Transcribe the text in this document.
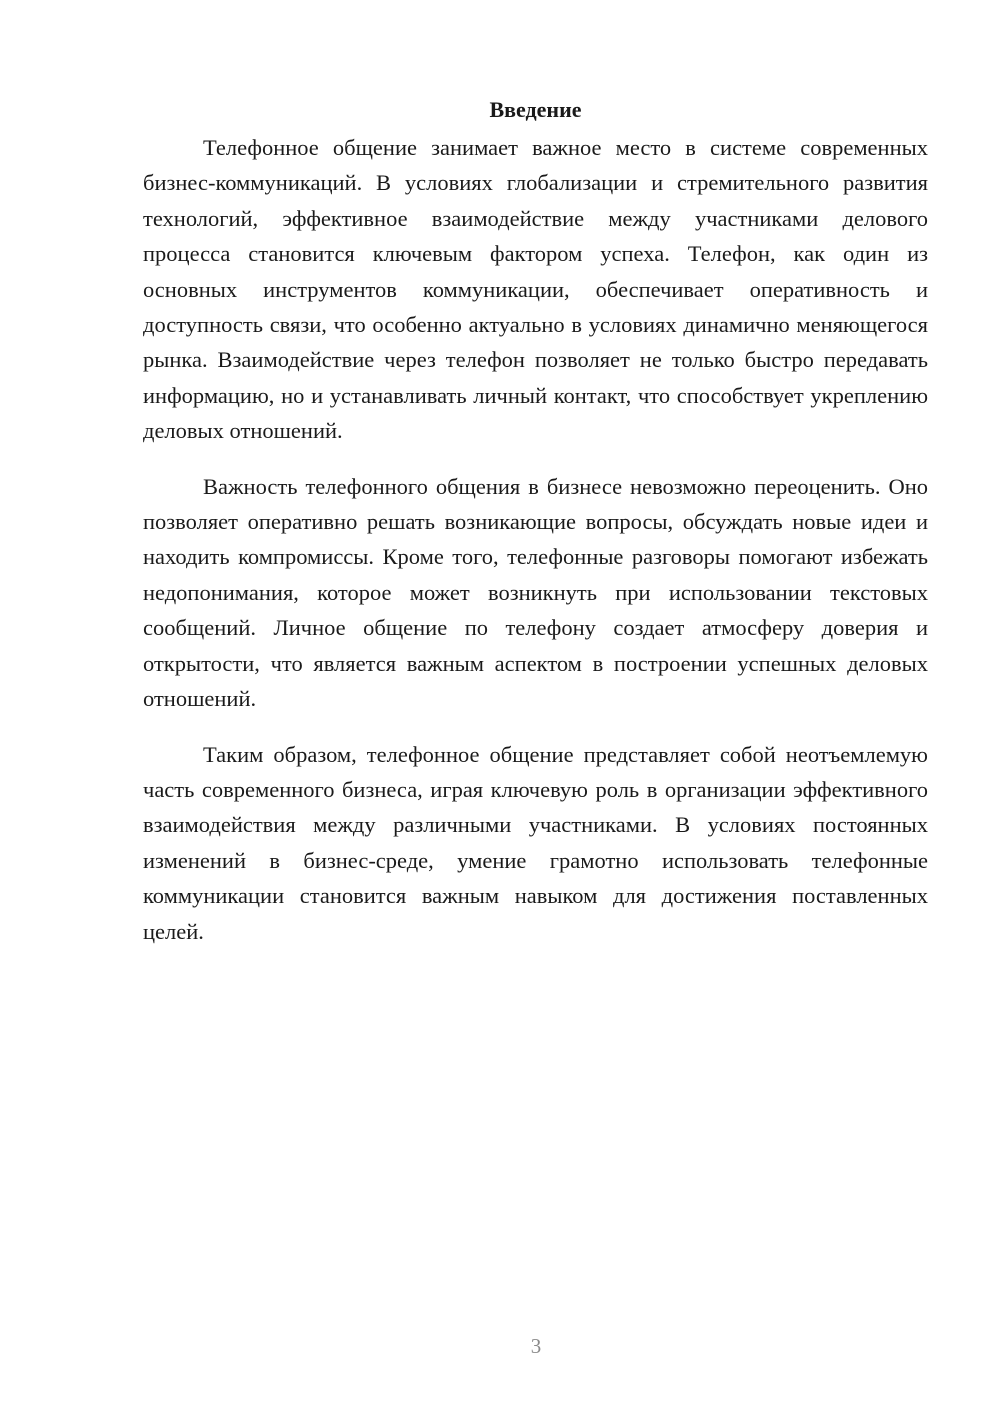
Введение

Телефонное общение занимает важное место в системе современных бизнес-коммуникаций. В условиях глобализации и стремительного развития технологий, эффективное взаимодействие между участниками делового процесса становится ключевым фактором успеха. Телефон, как один из основных инструментов коммуникации, обеспечивает оперативность и доступность связи, что особенно актуально в условиях динамично меняющегося рынка. Взаимодействие через телефон позволяет не только быстро передавать информацию, но и устанавливать личный контакт, что способствует укреплению деловых отношений.

Важность телефонного общения в бизнесе невозможно переоценить. Оно позволяет оперативно решать возникающие вопросы, обсуждать новые идеи и находить компромиссы. Кроме того, телефонные разговоры помогают избежать недопонимания, которое может возникнуть при использовании текстовых сообщений. Личное общение по телефону создает атмосферу доверия и открытости, что является важным аспектом в построении успешных деловых отношений.

Таким образом, телефонное общение представляет собой неотъемлемую часть современного бизнеса, играя ключевую роль в организации эффективного взаимодействия между различными участниками. В условиях постоянных изменений в бизнес-среде, умение грамотно использовать телефонные коммуникации становится важным навыком для достижения поставленных целей.

3
